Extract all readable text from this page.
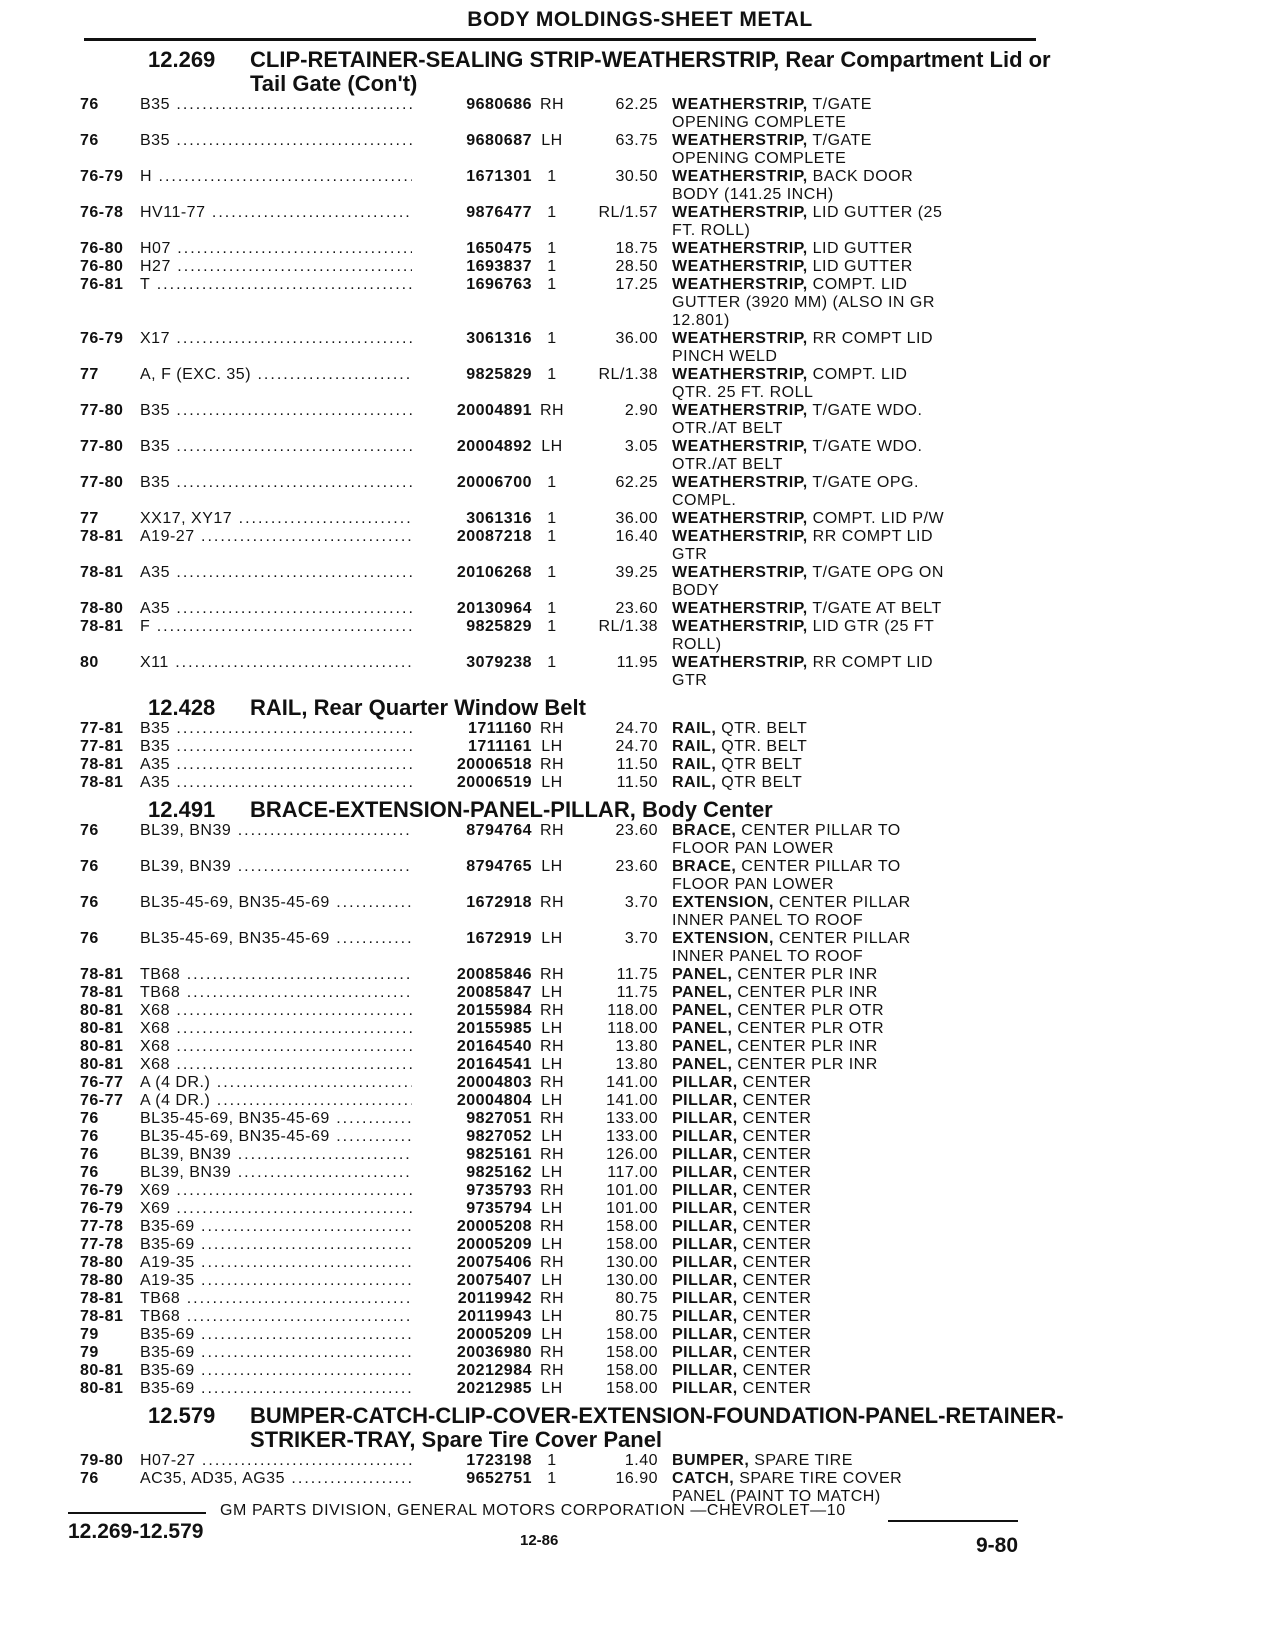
BODY MOLDINGS-SHEET METAL
12.269 CLIP-RETAINER-SEALING STRIP-WEATHERSTRIP, Rear Compartment Lid or Tail Gate (Con't)
76	B35 .....	9680686 RH	62.25 WEATHERSTRIP, T/GATE OPENING COMPLETE
76	B35 .....	9680687 LH	63.75 WEATHERSTRIP, T/GATE OPENING COMPLETE
76-79	H .....	1671301 1	30.50 WEATHERSTRIP, BACK DOOR BODY (141.25 INCH)
76-78	HV11-77 .....	9876477 1	RL/1.57 WEATHERSTRIP, LID GUTTER (25 FT. ROLL)
76-80	H07 .....	1650475 1	18.75 WEATHERSTRIP, LID GUTTER
76-80	H27 .....	1693837 1	28.50 WEATHERSTRIP, LID GUTTER
76-81	T .....	1696763 1	17.25 WEATHERSTRIP, COMPT. LID GUTTER (3920 MM) (ALSO IN GR 12.801)
76-79	X17 .....	3061316 1	36.00 WEATHERSTRIP, RR COMPT LID PINCH WELD
77	A, F (EXC. 35) .....	9825829 1	RL/1.38 WEATHERSTRIP, COMPT. LID QTR. 25 FT. ROLL
77-80	B35 .....	20004891 RH	2.90 WEATHERSTRIP, T/GATE WDO. OTR./AT BELT
77-80	B35 .....	20004892 LH	3.05 WEATHERSTRIP, T/GATE WDO. OTR./AT BELT
77-80	B35 .....	20006700 1	62.25 WEATHERSTRIP, T/GATE OPG. COMPL.
77	XX17, XY17 .....	3061316 1	36.00 WEATHERSTRIP, COMPT. LID P/W
78-81	A19-27 .....	20087218 1	16.40 WEATHERSTRIP, RR COMPT LID GTR
78-81	A35 .....	20106268 1	39.25 WEATHERSTRIP, T/GATE OPG ON BODY
78-80	A35 .....	20130964 1	23.60 WEATHERSTRIP, T/GATE AT BELT
78-81	F .....	9825829 1	RL/1.38 WEATHERSTRIP, LID GTR (25 FT ROLL)
80	X11 .....	3079238 1	11.95 WEATHERSTRIP, RR COMPT LID GTR
12.428 RAIL, Rear Quarter Window Belt
77-81	B35 .....	1711160 RH	24.70 RAIL, QTR. BELT
77-81	B35 .....	1711161 LH	24.70 RAIL, QTR. BELT
78-81	A35 .....	20006518 RH	11.50 RAIL, QTR BELT
78-81	A35 .....	20006519 LH	11.50 RAIL, QTR BELT
12.491 BRACE-EXTENSION-PANEL-PILLAR, Body Center
76	BL39, BN39 .....	8794764 RH	23.60 BRACE, CENTER PILLAR TO FLOOR PAN LOWER
76	BL39, BN39 .....	8794765 LH	23.60 BRACE, CENTER PILLAR TO FLOOR PAN LOWER
76	BL35-45-69, BN35-45-69 .....	1672918 RH	3.70 EXTENSION, CENTER PILLAR INNER PANEL TO ROOF
76	BL35-45-69, BN35-45-69 .....	1672919 LH	3.70 EXTENSION, CENTER PILLAR INNER PANEL TO ROOF
78-81	TB68 .....	20085846 RH	11.75 PANEL, CENTER PLR INR
78-81	TB68 .....	20085847 LH	11.75 PANEL, CENTER PLR INR
80-81	X68 .....	20155984 RH	118.00 PANEL, CENTER PLR OTR
80-81	X68 .....	20155985 LH	118.00 PANEL, CENTER PLR OTR
80-81	X68 .....	20164540 RH	13.80 PANEL, CENTER PLR INR
80-81	X68 .....	20164541 LH	13.80 PANEL, CENTER PLR INR
76-77	A (4 DR.) .....	20004803 RH	141.00 PILLAR, CENTER
76-77	A (4 DR.) .....	20004804 LH	141.00 PILLAR, CENTER
76	BL35-45-69, BN35-45-69 .....	9827051 RH	133.00 PILLAR, CENTER
76	BL35-45-69, BN35-45-69 .....	9827052 LH	133.00 PILLAR, CENTER
76	BL39, BN39 .....	9825161 RH	126.00 PILLAR, CENTER
76	BL39, BN39 .....	9825162 LH	117.00 PILLAR, CENTER
76-79	X69 .....	9735793 RH	101.00 PILLAR, CENTER
76-79	X69 .....	9735794 LH	101.00 PILLAR, CENTER
77-78	B35-69 .....	20005208 RH	158.00 PILLAR, CENTER
77-78	B35-69 .....	20005209 LH	158.00 PILLAR, CENTER
78-80	A19-35 .....	20075406 RH	130.00 PILLAR, CENTER
78-80	A19-35 .....	20075407 LH	130.00 PILLAR, CENTER
78-81	TB68 .....	20119942 RH	80.75 PILLAR, CENTER
78-81	TB68 .....	20119943 LH	80.75 PILLAR, CENTER
79	B35-69 .....	20005209 LH	158.00 PILLAR, CENTER
79	B35-69 .....	20036980 RH	158.00 PILLAR, CENTER
80-81	B35-69 .....	20212984 RH	158.00 PILLAR, CENTER
80-81	B35-69 .....	20212985 LH	158.00 PILLAR, CENTER
12.579 BUMPER-CATCH-CLIP-COVER-EXTENSION-FOUNDATION-PANEL-RETAINER-STRIKER-TRAY, Spare Tire Cover Panel
79-80	H07-27 .....	1723198 1	1.40 BUMPER, SPARE TIRE
76	AC35, AD35, AG35 .....	9652751 1	16.90 CATCH, SPARE TIRE COVER PANEL (PAINT TO MATCH)
GM PARTS DIVISION, GENERAL MOTORS CORPORATION —CHEVROLET—10
12.269-12.579	12-86	9-80
